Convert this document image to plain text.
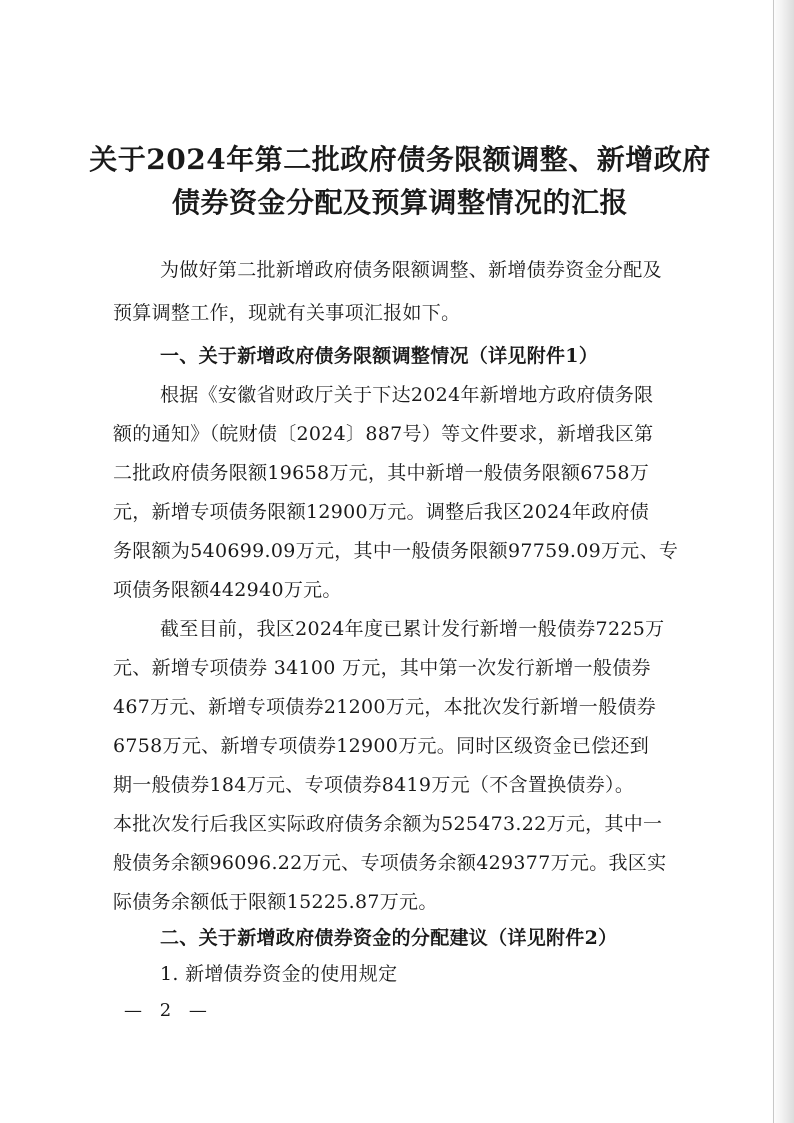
关于2024年第二批政府债务限额调整、新增政府
债券资金分配及预算调整情况的汇报
为做好第二批新增政府债务限额调整、新增债券资金分配及
预算调整工作，现就有关事项汇报如下。
一、关于新增政府债务限额调整情况（详见附件1）
根据《安徽省财政厅关于下达2024年新增地方政府债务限
额的通知》（皖财债〔2024〕887号）等文件要求，新增我区第
二批政府债务限额19658万元，其中新增一般债务限额6758万
元，新增专项债务限额12900万元。调整后我区2024年政府债
务限额为540699.09万元，其中一般债务限额97759.09万元、专
项债务限额442940万元。
截至目前，我区2024年度已累计发行新增一般债券7225万
元、新增专项债券 34100 万元，其中第一次发行新增一般债券
467万元、新增专项债券21200万元，本批次发行新增一般债券
6758万元、新增专项债券12900万元。同时区级资金已偿还到
期一般债券184万元、专项债券8419万元（不含置换债券）。
本批次发行后我区实际政府债务余额为525473.22万元，其中一
般债务余额96096.22万元、专项债务余额429377万元。我区实
际债务余额低于限额15225.87万元。
二、关于新增政府债券资金的分配建议（详见附件2）
1. 新增债券资金的使用规定
— 2 —
